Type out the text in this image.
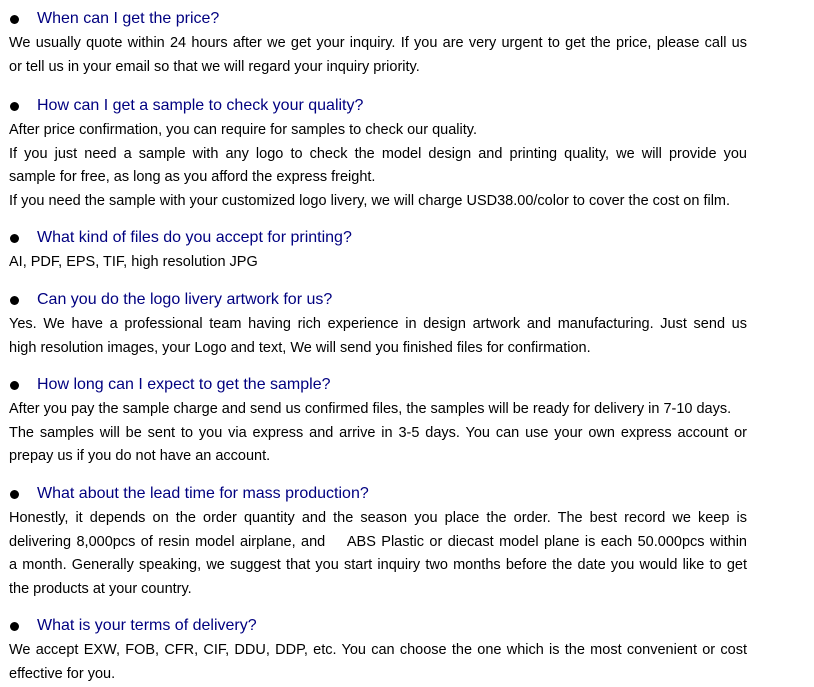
When can I get the price?
We usually quote within 24 hours after we get your inquiry. If you are very urgent to get the price, please call us
or tell us in your email so that we will regard your inquiry priority.
How can I get a sample to check your quality?
After price confirmation, you can require for samples to check our quality.
If you just need a sample with any logo to check the model design and printing quality, we will provide you
sample for free, as long as you afford the express freight.
If you need the sample with your customized logo livery, we will charge USD38.00/color to cover the cost on film.
What kind of files do you accept for printing?
AI, PDF, EPS, TIF, high resolution JPG
Can you do the logo livery artwork for us?
Yes. We have a professional team having rich experience in design artwork and manufacturing. Just send us
high resolution images, your Logo and text, We will send you finished files for confirmation.
How long can I expect to get the sample?
After you pay the sample charge and send us confirmed files, the samples will be ready for delivery in 7-10 days.
The samples will be sent to you via express and arrive in 3-5 days. You can use your own express account or
prepay us if you do not have an account.
What about the lead time for mass production?
Honestly, it depends on the order quantity and the season you place the order. The best record we keep is
delivering 8,000pcs of resin model airplane, and    ABS Plastic or diecast model plane is each 50.000pcs within
a month. Generally speaking, we suggest that you start inquiry two months before the date you would like to get
the products at your country.
What is your terms of delivery?
We accept EXW, FOB, CFR, CIF, DDU, DDP, etc. You can choose the one which is the most convenient or cost
effective for you.
